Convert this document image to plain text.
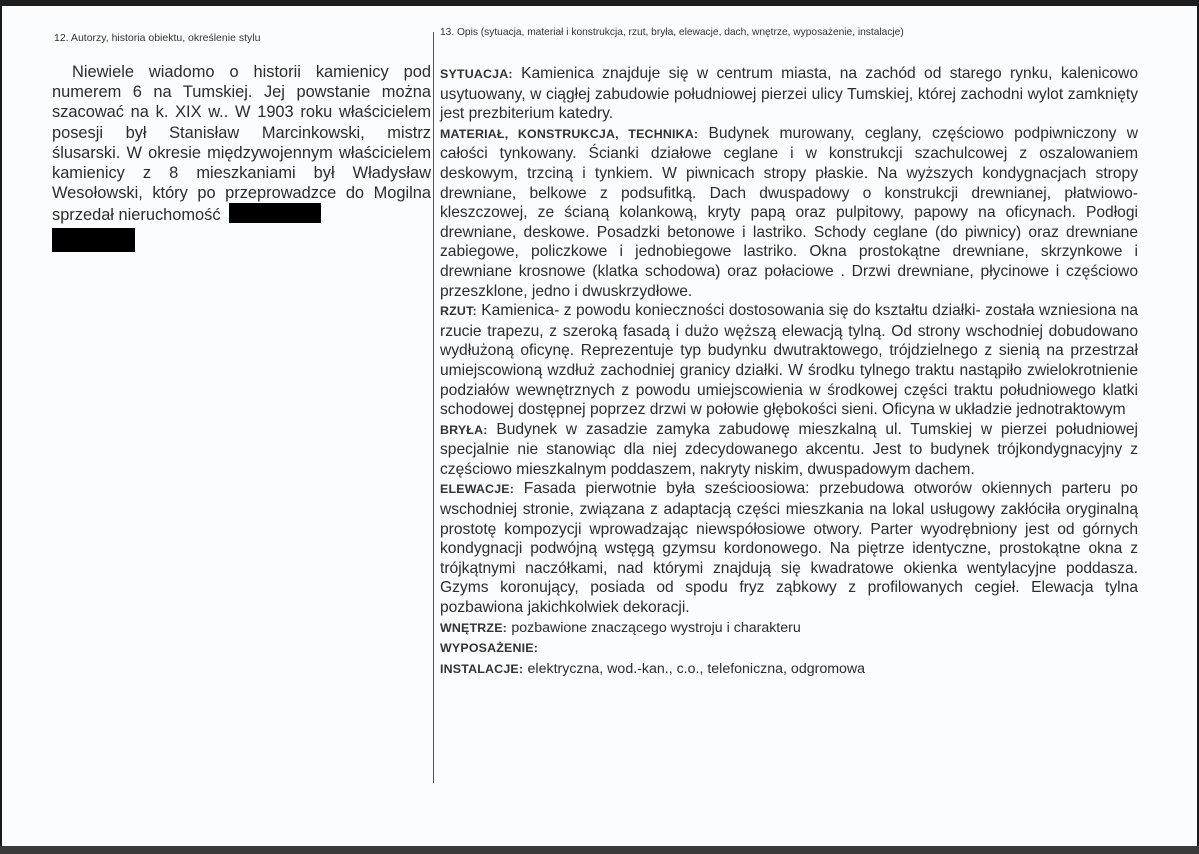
12. Autorzy, historia obiektu, określenie stylu

Niewiele wiadomo o historii kamienicy pod numerem 6 na Tumskiej. Jej powstanie można szacować na k. XIX w.. W 1903 roku właścicielem posesji był Stanisław Marcinkowski, mistrz ślusarski. W okresie międzywojennym właścicielem kamienicy z 8 mieszkaniami był Władysław Wesołowski, który po przeprowadzce do Mogilna sprzedał nieruchomość

13. Opis (sytuacja, materiał i konstrukcja, rzut, bryła, elewacje, dach, wnętrze, wyposażenie, instalacje)

SYTUACJA: Kamienica znajduje się w centrum miasta, na zachód od starego rynku, kalenicowo usytuowany, w ciągłej zabudowie południowej pierzei ulicy Tumskiej, której zachodni wylot zamknięty jest prezbiterium katedry.

MATERIAŁ, KONSTRUKCJA, TECHNIKA: Budynek murowany, ceglany, częściowo podpiwniczony w całości tynkowany. Ścianki działowe ceglane i w konstrukcji szachulcowej z oszalowaniem deskowym, trzciną i tynkiem. W piwnicach stropy płaskie. Na wyższych kondygnacjach stropy drewniane, belkowe z podsufitką. Dach dwuspadowy o konstrukcji drewnianej, płatwiowo-kleszczowej, ze ścianą kolankową, kryty papą oraz pulpitowy, papowy na oficynach. Podłogi drewniane, deskowe. Posadzki betonowe i lastriko. Schody ceglane (do piwnicy) oraz drewniane zabiegowe, policzkowe i jednobiegowe lastriko. Okna prostokątne drewniane, skrzynkowe i drewniane krosnowe (klatka schodowa) oraz połaciowe . Drzwi drewniane, płycinowe i częściowo przeszklone, jedno i dwuskrzydłowe.

RZUT: Kamienica- z powodu konieczności dostosowania się do kształtu działki- została wzniesiona na rzucie trapezu, z szeroką fasadą i dużo węższą elewacją tylną. Od strony wschodniej dobudowano wydłużoną oficynę. Reprezentuje typ budynku dwutraktowego, trójdzielnego z sienią na przestrzał umiejscowioną wzdłuż zachodniej granicy działki. W środku tylnego traktu nastąpiło zwielokrotnienie podziałów wewnętrznych z powodu umiejscowienia w środkowej części traktu południowego klatki schodowej dostępnej poprzez drzwi w połowie głębokości sieni. Oficyna w układzie jednotraktowym

BRYŁA: Budynek w zasadzie zamyka zabudowę mieszkalną ul. Tumskiej w pierzei południowej specjalnie nie stanowiąc dla niej zdecydowanego akcentu. Jest to budynek trójkondygnacyjny z częściowo mieszkalnym poddaszem, nakryty niskim, dwuspadowym dachem.

ELEWACJE: Fasada pierwotnie była sześcioosiowa: przebudowa otworów okiennych parteru po wschodniej stronie, związana z adaptacją części mieszkania na lokal usługowy zakłóciła oryginalną prostotę kompozycji wprowadzając niewspółosiowe otwory. Parter wyodrębniony jest od górnych kondygnacji podwójną wstęgą gzymsu kordonowego. Na piętrze identyczne, prostokątne okna z trójkątnymi naczółkami, nad którymi znajdują się kwadratowe okienka wentylacyjne poddasza. Gzyms koronujący, posiada od spodu fryz ząbkowy z profilowanych cegieł. Elewacja tylna pozbawiona jakichkolwiek dekoracji.

WNĘTRZE: pozbawione znaczącego wystroju i charakteru

WYPOSAŻENIE:

INSTALACJE: elektryczna, wod.-kan., c.o., telefoniczna, odgromowa
